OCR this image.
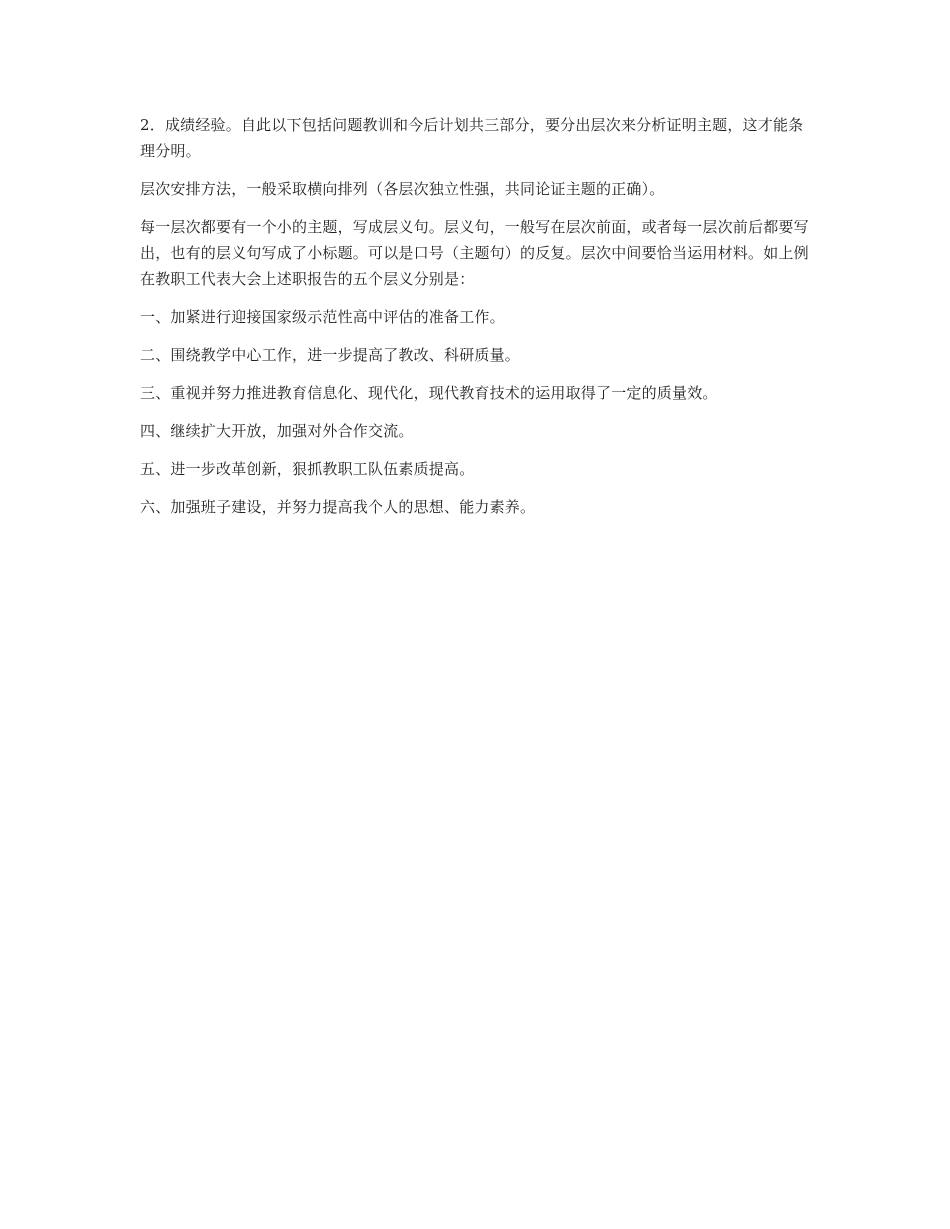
2．成绩经验。自此以下包括问题教训和今后计划共三部分，要分出层次来分析证明主题，这才能条理分明。

层次安排方法，一般采取横向排列（各层次独立性强，共同论证主题的正确）。

每一层次都要有一个小的主题，写成层义句。层义句，一般写在层次前面，或者每一层次前后都要写出，也有的层义句写成了小标题。可以是口号（主题句）的反复。层次中间要恰当运用材料。如上例在教职工代表大会上述职报告的五个层义分别是：

一、加紧进行迎接国家级示范性高中评估的准备工作。

二、围绕教学中心工作，进一步提高了教改、科研质量。

三、重视并努力推进教育信息化、现代化，现代教育技术的运用取得了一定的质量效。

四、继续扩大开放，加强对外合作交流。

五、进一步改革创新，狠抓教职工队伍素质提高。

六、加强班子建设，并努力提高我个人的思想、能力素养。
